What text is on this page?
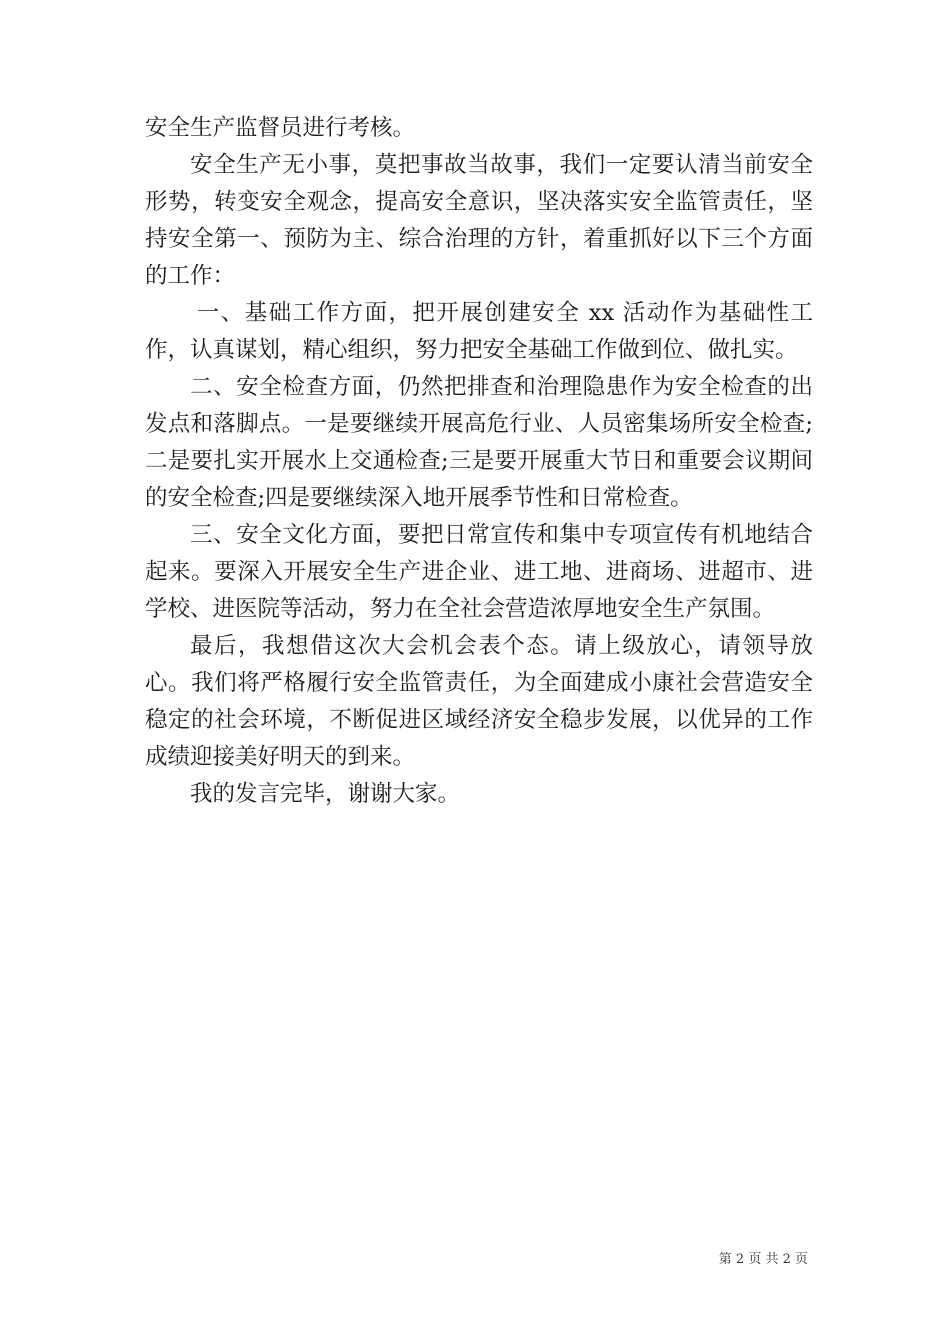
安全生产监督员进行考核。

安全生产无小事，莫把事故当故事，我们一定要认清当前安全形势，转变安全观念，提高安全意识，坚决落实安全监管责任，坚持安全第一、预防为主、综合治理的方针，着重抓好以下三个方面的工作：

一、基础工作方面，把开展创建安全 xx 活动作为基础性工作，认真谋划，精心组织，努力把安全基础工作做到位、做扎实。

二、安全检查方面，仍然把排查和治理隐患作为安全检查的出发点和落脚点。一是要继续开展高危行业、人员密集场所安全检查;二是要扎实开展水上交通检查;三是要开展重大节日和重要会议期间的安全检查;四是要继续深入地开展季节性和日常检查。

三、安全文化方面，要把日常宣传和集中专项宣传有机地结合起来。要深入开展安全生产进企业、进工地、进商场、进超市、进学校、进医院等活动，努力在全社会营造浓厚地安全生产氛围。

最后，我想借这次大会机会表个态。请上级放心，请领导放心。我们将严格履行安全监管责任，为全面建成小康社会营造安全稳定的社会环境，不断促进区域经济安全稳步发展，以优异的工作成绩迎接美好明天的到来。

我的发言完毕，谢谢大家。

第 2 页 共 2 页
